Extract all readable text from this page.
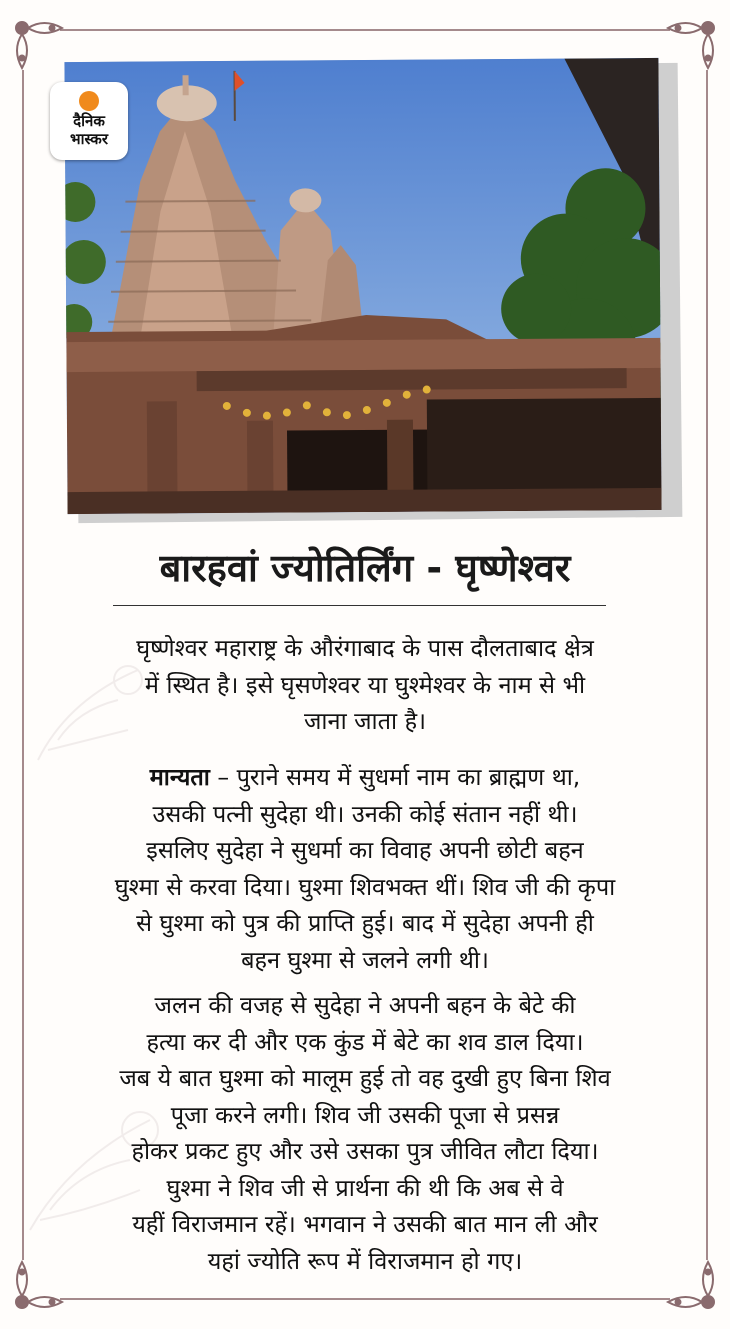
दैनिक
भास्कर
बारहवां ज्योतिर्लिंग - घृष्णेश्वर
घृष्णेश्वर महाराष्ट्र के औरंगाबाद के पास दौलताबाद क्षेत्र
में स्थित है। इसे घृसणेश्वर या घुश्मेश्वर के नाम से भी
जाना जाता है।
मान्यता – पुराने समय में सुधर्मा नाम का ब्राह्मण था,
उसकी पत्नी सुदेहा थी। उनकी कोई संतान नहीं थी।
इसलिए सुदेहा ने सुधर्मा का विवाह अपनी छोटी बहन
घुश्मा से करवा दिया। घुश्मा शिवभक्त थीं। शिव जी की कृपा
से घुश्मा को पुत्र की प्राप्ति हुई। बाद में सुदेहा अपनी ही
बहन घुश्मा से जलने लगी थी।
जलन की वजह से सुदेहा ने अपनी बहन के बेटे की
हत्या कर दी और एक कुंड में बेटे का शव डाल दिया।
जब ये बात घुश्मा को मालूम हुई तो वह दुखी हुए बिना शिव
पूजा करने लगी। शिव जी उसकी पूजा से प्रसन्न
होकर प्रकट हुए और उसे उसका पुत्र जीवित लौटा दिया।
घुश्मा ने शिव जी से प्रार्थना की थी कि अब से वे
यहीं विराजमान रहें। भगवान ने उसकी बात मान ली और
यहां ज्योति रूप में विराजमान हो गए।
